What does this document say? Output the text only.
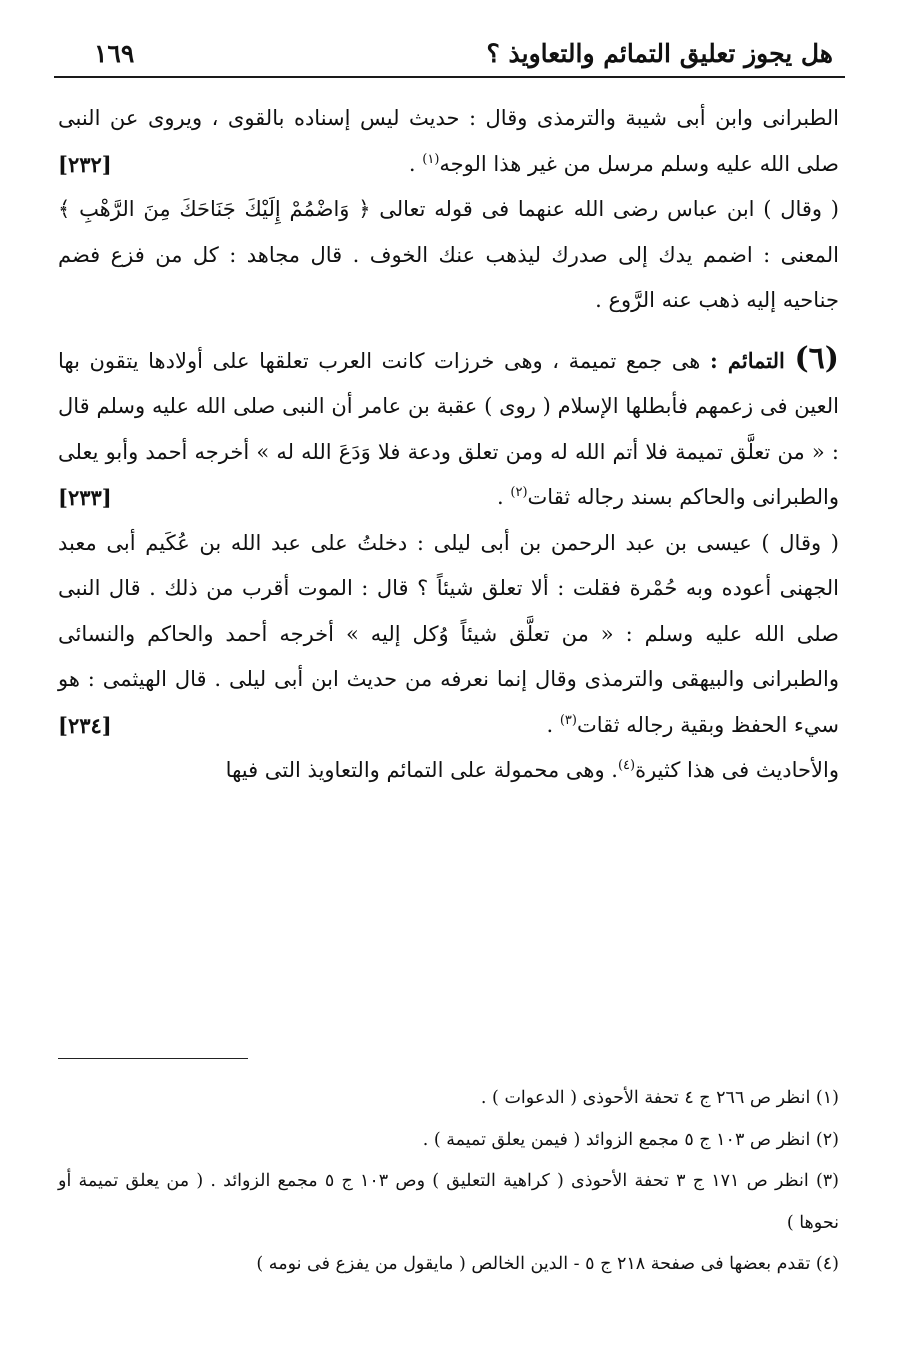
هل يجوز تعليق التمائم والتعاويذ ؟
١٦٩

الطبرانى وابن أبى شيبة والترمذى وقال : حديث ليس إسناده بالقوى ، ويروى عن النبى صلى الله عليه وسلم مرسل من غير هذا الوجه$^{(١)}$ .
[٢٣٢]

( وقال ) ابن عباس رضى الله عنهما فى قوله تعالى ﴿ وَاضْمُمْ إِلَيْكَ جَنَاحَكَ مِنَ الرَّهْبِ ﴾ المعنى : اضمم يدك إلى صدرك ليذهب عنك الخوف . قال مجاهد : كل من فزع فضم جناحيه إليه ذهب عنه الرَّوع .

(٦) التمائم : هى جمع تميمة ، وهى خرزات كانت العرب تعلقها على أولادها يتقون بها العين فى زعمهم فأبطلها الإسلام ( روى ) عقبة بن عامر أن النبى صلى الله عليه وسلم قال : « من تعلَّق تميمة فلا أتم الله له ومن تعلق ودعة فلا وَدَعَ الله له » أخرجه أحمد وأبو يعلى والطبرانى والحاكم بسند رجاله ثقات$^{(٢)}$ .
[٢٣٣]

( وقال ) عيسى بن عبد الرحمن بن أبى ليلى : دخلتُ على عبد الله بن عُكَيم أبى معبد الجهنى أعوده وبه حُمْرة فقلت : ألا تعلق شيئاً ؟ قال : الموت أقرب من ذلك . قال النبى صلى الله عليه وسلم : « من تعلَّق شيئاً وُكل إليه » أخرجه أحمد والحاكم والنسائى والطبرانى والبيهقى والترمذى وقال إنما نعرفه من حديث ابن أبى ليلى . قال الهيثمى : هو سيء الحفظ وبقية رجاله ثقات$^{(٣)}$ .
[٢٣٤]

والأحاديث فى هذا كثيرة$^{(٤)}$. وهى محمولة على التمائم والتعاويذ التى فيها

(١) انظر ص ٢٦٦ ج ٤ تحفة الأحوذى ( الدعوات ) .

(٢) انظر ص ١٠٣ ج ٥ مجمع الزوائد ( فيمن يعلق تميمة ) .

(٣) انظر ص ١٧١ ج ٣ تحفة الأحوذى ( كراهية التعليق ) وص ١٠٣ ج ٥ مجمع الزوائد . ( من يعلق تميمة أو نحوها )

(٤) تقدم بعضها فى صفحة ٢١٨ ج ٥ - الدين الخالص ( مايقول من يفزع فى نومه )
